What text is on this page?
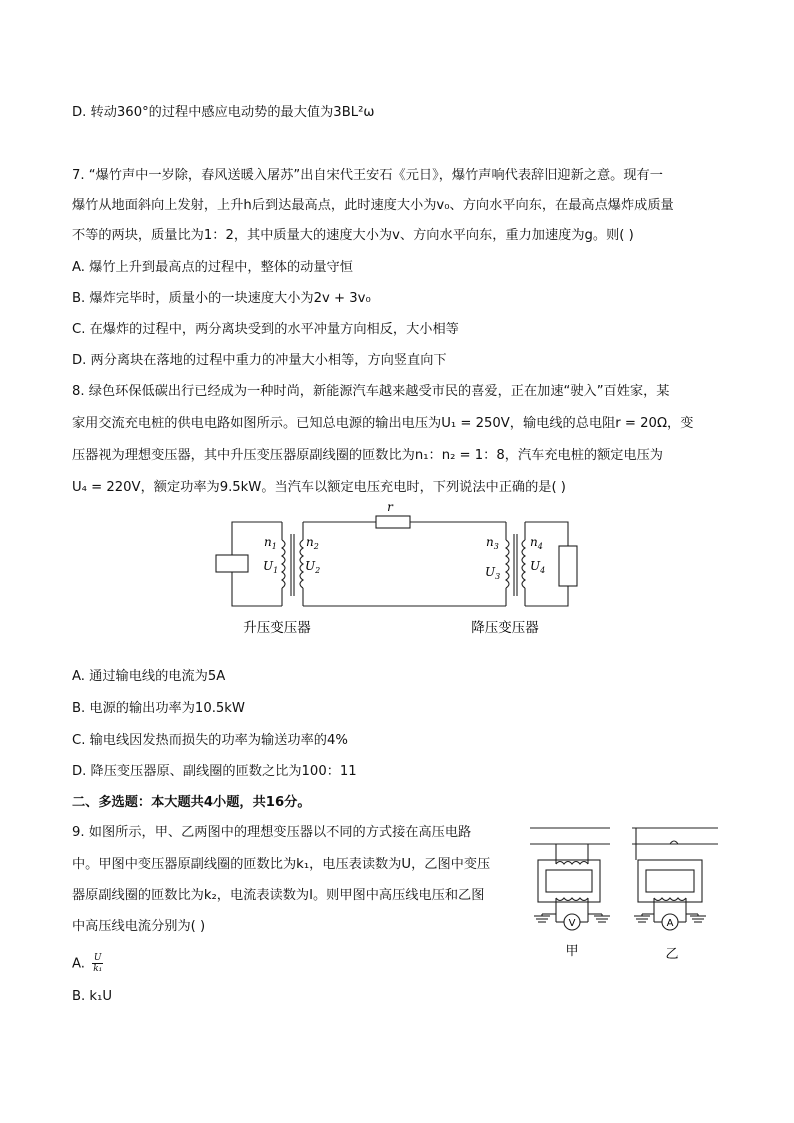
D. 转动360°的过程中感应电动势的最大值为3BL²ω
7. “爆竹声中一岁除，春风送暖入屠苏”出自宋代王安石《元日》，爆竹声响代表辞旧迎新之意。现有一
爆竹从地面斜向上发射，上升h后到达最高点，此时速度大小为v₀、方向水平向东，在最高点爆炸成质量
不等的两块，质量比为1：2，其中质量大的速度大小为v、方向水平向东，重力加速度为g。则( )
A. 爆竹上升到最高点的过程中，整体的动量守恒
B. 爆炸完毕时，质量小的一块速度大小为2v + 3v₀
C. 在爆炸的过程中，两分离块受到的水平冲量方向相反，大小相等
D. 两分离块在落地的过程中重力的冲量大小相等，方向竖直向下
8. 绿色环保低碳出行已经成为一种时尚，新能源汽车越来越受市民的喜爱，正在加速“驶入”百姓家，某
家用交流充电桩的供电电路如图所示。已知总电源的输出电压为U₁ = 250V，输电线的总电阻r = 20Ω，变
压器视为理想变压器，其中升压变压器原副线圈的匝数比为n₁：n₂ = 1：8，汽车充电桩的额定电压为
U₄ = 220V，额定功率为9.5kW。当汽车以额定电压充电时，下列说法中正确的是( )
r
$n_1$
$U_1$
$n_2$
$U_2$
$n_3$
$U_3$
$n_4$
$U_4$
升压变压器	降压变压器
A. 通过输电线的电流为5A
B. 电源的输出功率为10.5kW
C. 输电线因发热而损失的功率为输送功率的4%
D. 降压变压器原、副线圈的匝数之比为100：11
二、多选题：本大题共4小题，共16分。
9. 如图所示，甲、乙两图中的理想变压器以不同的方式接在高压电路
中。甲图中变压器原副线圈的匝数比为k₁，电压表读数为U，乙图中变压
器原副线圈的匝数比为k₂，电流表读数为I。则甲图中高压线电压和乙图
中高压线电流分别为( )
A. $\frac{U}{\text{k₁}}$
B. k₁U
V	A
甲	乙
